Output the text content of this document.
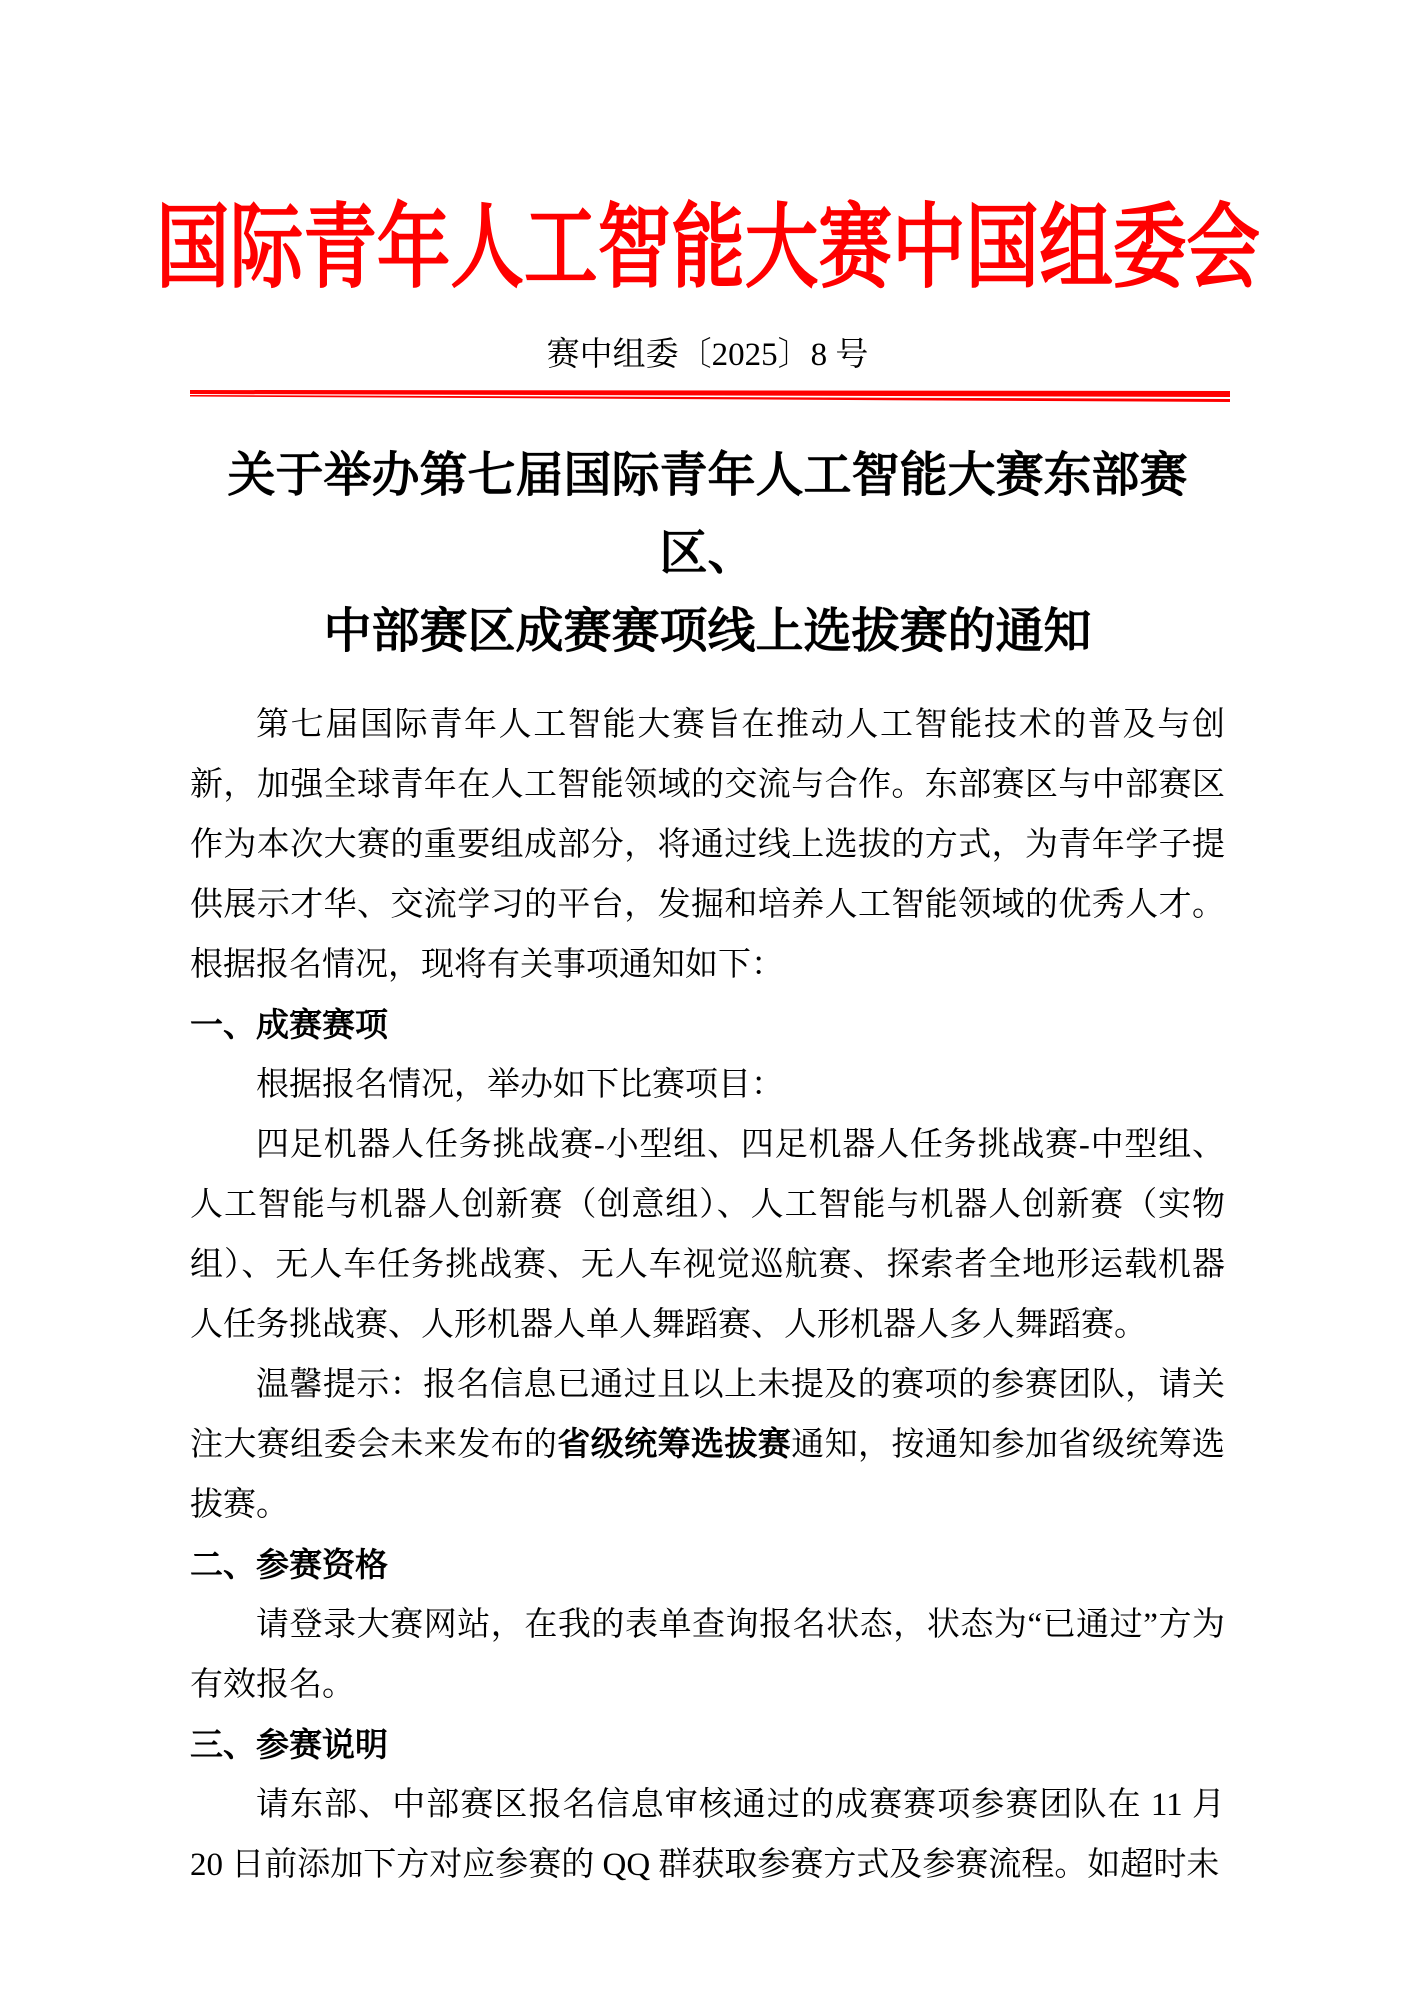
国际青年人工智能大赛中国组委会
赛中组委〔2025〕8 号
关于举办第七届国际青年人工智能大赛东部赛区、
中部赛区成赛赛项线上选拔赛的通知

第七届国际青年人工智能大赛旨在推动人工智能技术的普及与创新，加强全球青年在人工智能领域的交流与合作。东部赛区与中部赛区作为本次大赛的重要组成部分，将通过线上选拔的方式，为青年学子提供展示才华、交流学习的平台，发掘和培养人工智能领域的优秀人才。根据报名情况，现将有关事项通知如下：

一、成赛赛项

根据报名情况，举办如下比赛项目：

四足机器人任务挑战赛-小型组、四足机器人任务挑战赛-中型组、人工智能与机器人创新赛（创意组）、人工智能与机器人创新赛（实物组）、无人车任务挑战赛、无人车视觉巡航赛、探索者全地形运载机器人任务挑战赛、人形机器人单人舞蹈赛、人形机器人多人舞蹈赛。

温馨提示：报名信息已通过且以上未提及的赛项的参赛团队，请关注大赛组委会未来发布的省级统筹选拔赛通知，按通知参加省级统筹选拔赛。

二、参赛资格

请登录大赛网站，在我的表单查询报名状态，状态为“已通过”方为有效报名。

三、参赛说明

请东部、中部赛区报名信息审核通过的成赛赛项参赛团队在 11 月 20 日前添加下方对应参赛的 QQ 群获取参赛方式及参赛流程。如超时未
